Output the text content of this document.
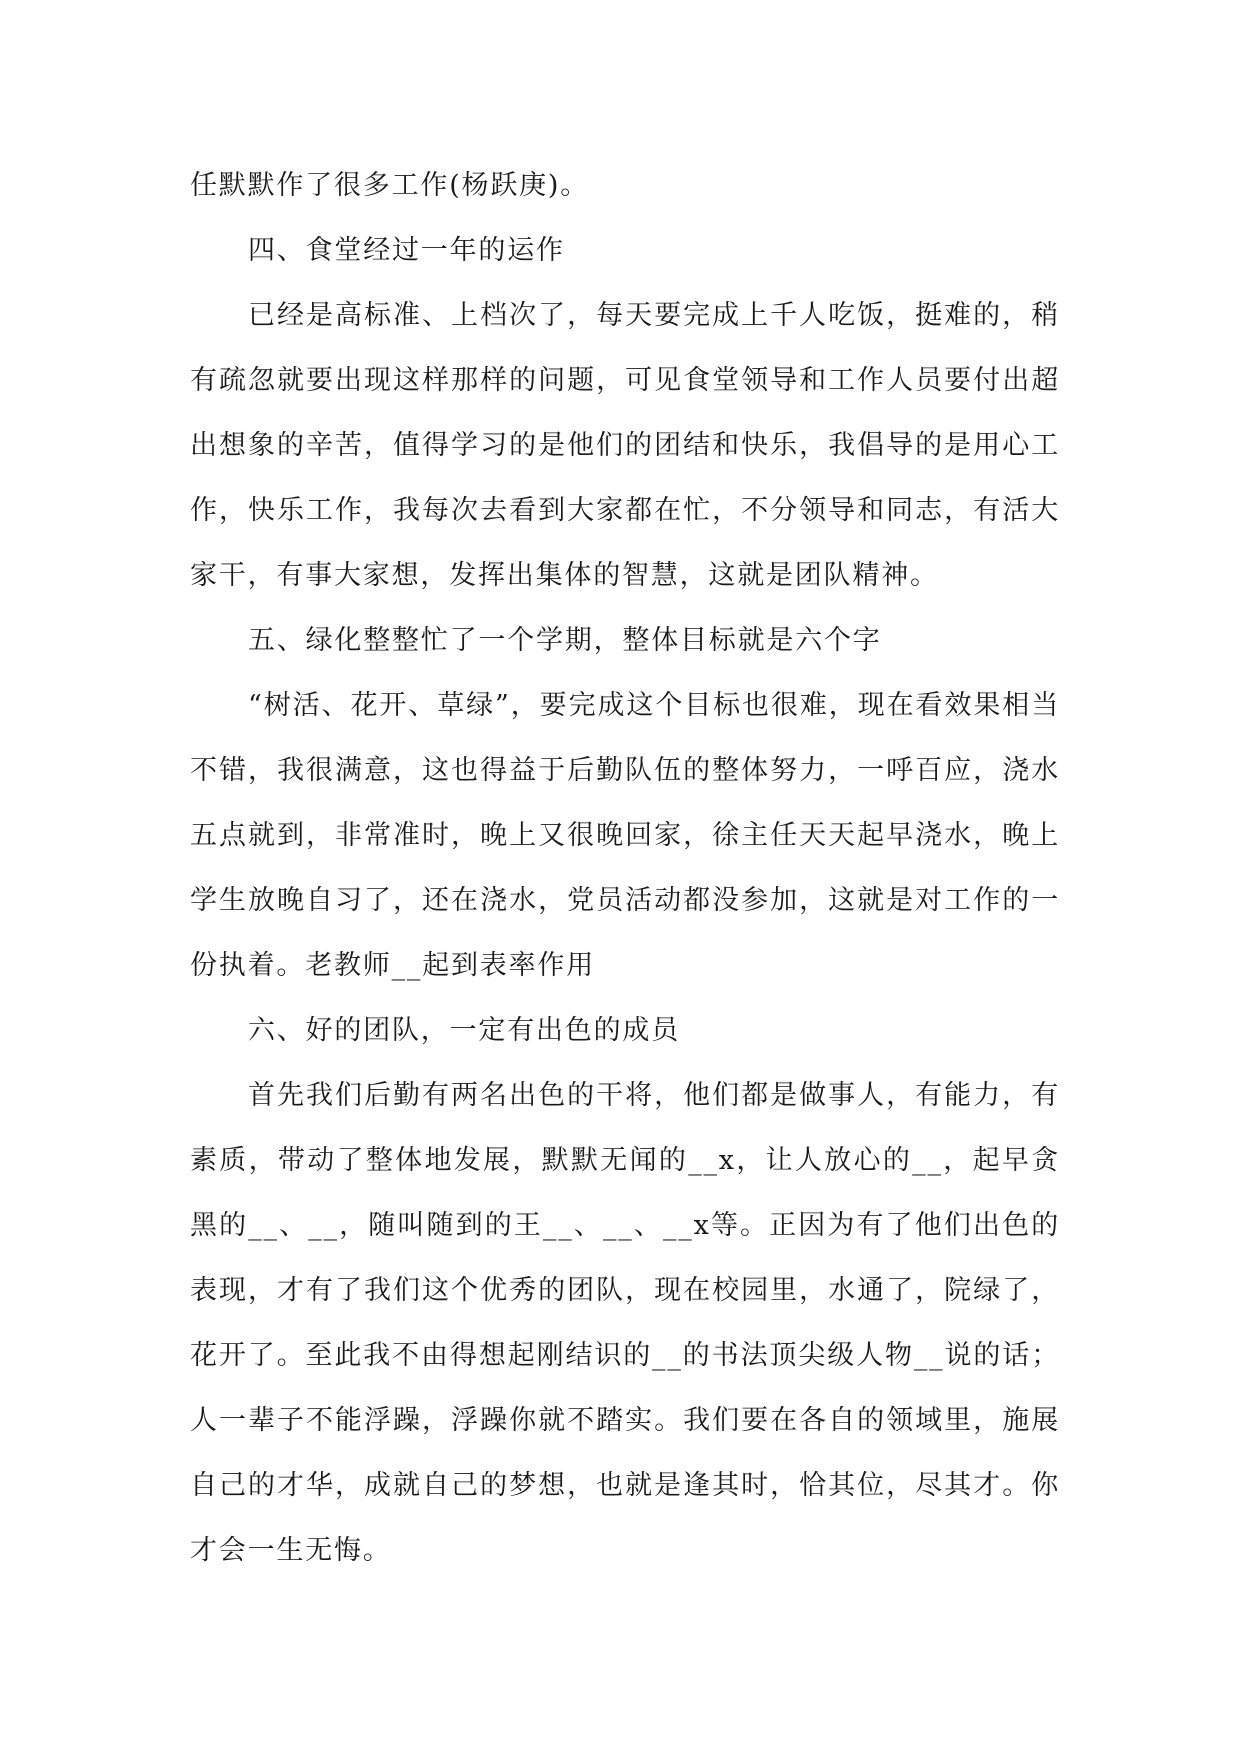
任默默作了很多工作(杨跃庚)。

四、食堂经过一年的运作

已经是高标准、上档次了，每天要完成上千人吃饭，挺难的，稍有疏忽就要出现这样那样的问题，可见食堂领导和工作人员要付出超出想象的辛苦，值得学习的是他们的团结和快乐，我倡导的是用心工作，快乐工作，我每次去看到大家都在忙，不分领导和同志，有活大家干，有事大家想，发挥出集体的智慧，这就是团队精神。

五、绿化整整忙了一个学期，整体目标就是六个字

“树活、花开、草绿”，要完成这个目标也很难，现在看效果相当不错，我很满意，这也得益于后勤队伍的整体努力，一呼百应，浇水五点就到，非常准时，晚上又很晚回家，徐主任天天起早浇水，晚上学生放晚自习了，还在浇水，党员活动都没参加，这就是对工作的一份执着。老教师__起到表率作用

六、好的团队，一定有出色的成员

首先我们后勤有两名出色的干将，他们都是做事人，有能力，有素质，带动了整体地发展，默默无闻的__x，让人放心的__，起早贪黑的__、__，随叫随到的王__、__、__x等。正因为有了他们出色的表现，才有了我们这个优秀的团队，现在校园里，水通了，院绿了，花开了。至此我不由得想起刚结识的__的书法顶尖级人物__说的话；人一辈子不能浮躁，浮躁你就不踏实。我们要在各自的领域里，施展自己的才华，成就自己的梦想，也就是逢其时，恰其位，尽其才。你才会一生无悔。
